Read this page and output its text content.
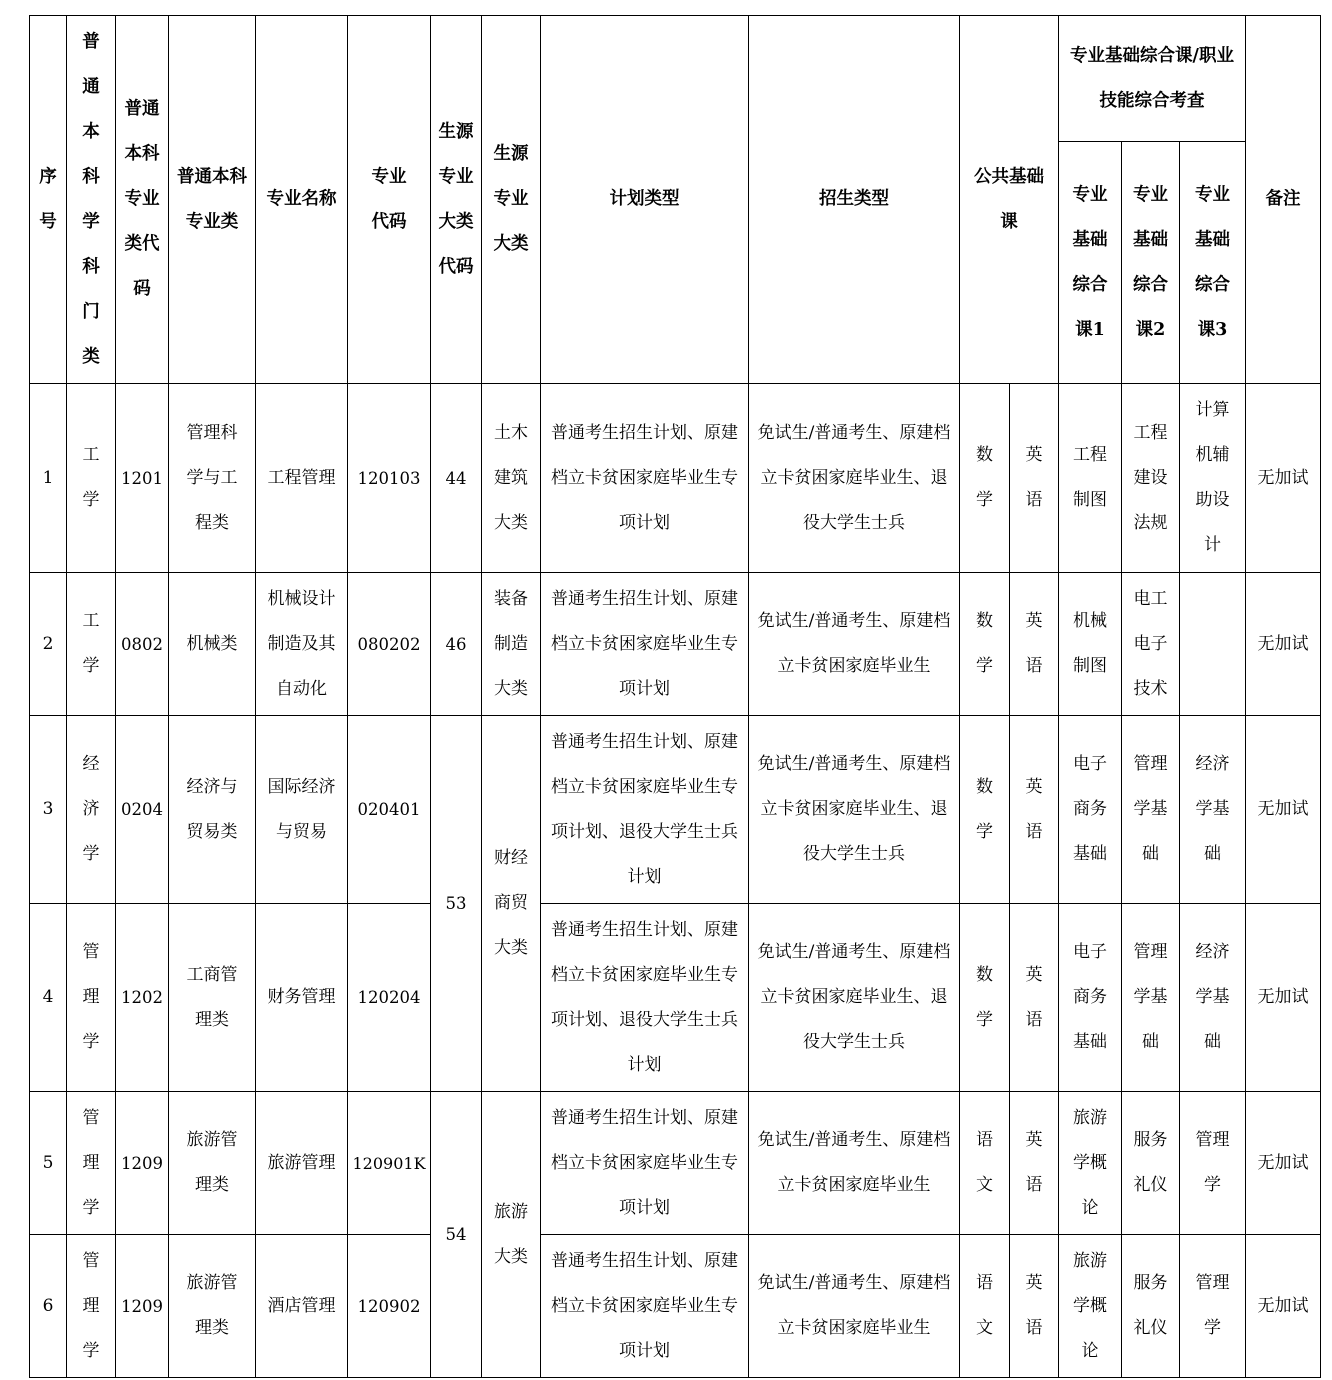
序号	普通本科学科门类	普通本科专业类代码	普通本科专业类	专业名称	专业代码	生源专业大类代码	生源专业大类	计划类型	招生类型	公共基础课		专业基础综合课/职业技能综合考查			备注
												专业基础综合课1	专业基础综合课2	专业基础综合课3	
1	工学	1201	管理科学与工程类	工程管理	120103	44	土木建筑大类	普通考生招生计划、原建档立卡贫困家庭毕业生专项计划	免试生/普通考生、原建档立卡贫困家庭毕业生、退役大学生士兵	数学	英语	工程制图	工程建设法规	计算机辅助设计	无加试
2	工学	0802	机械类	机械设计制造及其自动化	080202	46	装备制造大类	普通考生招生计划、原建档立卡贫困家庭毕业生专项计划	免试生/普通考生、原建档立卡贫困家庭毕业生	数学	英语	机械制图	电工电子技术		无加试
3	经济学	0204	经济与贸易类	国际经济与贸易	020401	53	财经商贸大类	普通考生招生计划、原建档立卡贫困家庭毕业生专项计划、退役大学生士兵计划	免试生/普通考生、原建档立卡贫困家庭毕业生、退役大学生士兵	数学	英语	电子商务基础	管理学基础	经济学基础	无加试
4	管理学	1202	工商管理类	财务管理	120204			普通考生招生计划、原建档立卡贫困家庭毕业生专项计划、退役大学生士兵计划	免试生/普通考生、原建档立卡贫困家庭毕业生、退役大学生士兵	数学	英语	电子商务基础	管理学基础	经济学基础	无加试
5	管理学	1209	旅游管理类	旅游管理	120901K	54	旅游大类	普通考生招生计划、原建档立卡贫困家庭毕业生专项计划	免试生/普通考生、原建档立卡贫困家庭毕业生	语文	英语	旅游学概论	服务礼仪	管理学	无加试
6	管理学	1209	旅游管理类	酒店管理	120902			普通考生招生计划、原建档立卡贫困家庭毕业生专项计划	免试生/普通考生、原建档立卡贫困家庭毕业生	语文	英语	旅游学概论	服务礼仪	管理学	无加试
